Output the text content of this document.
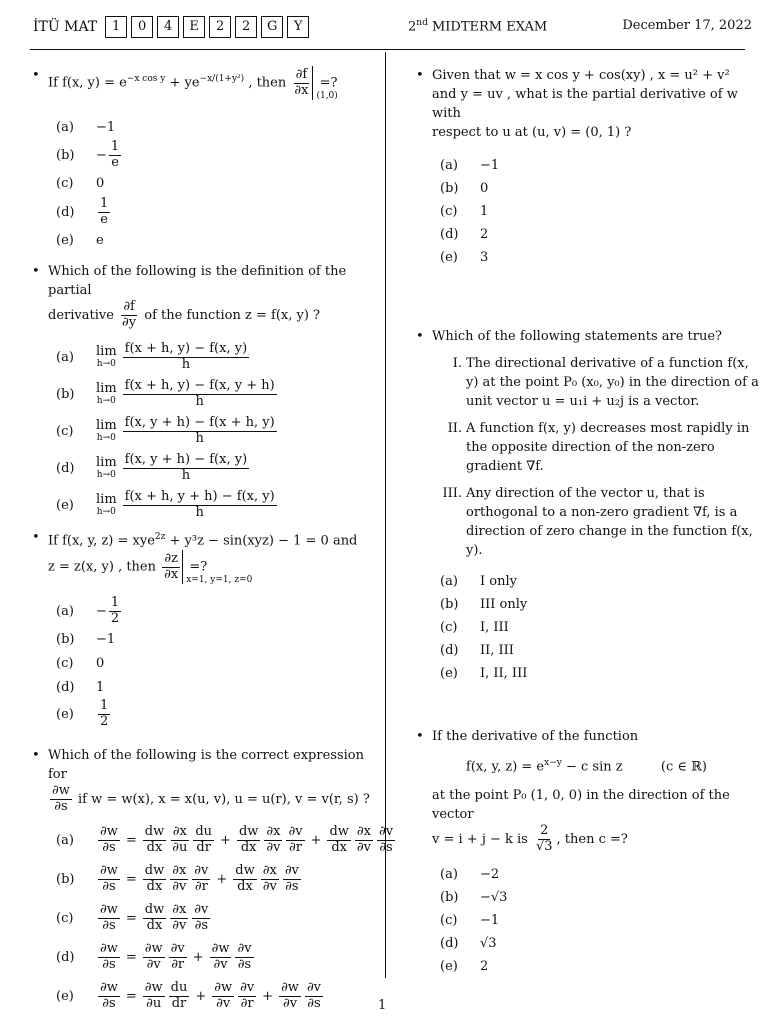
İTÜ MAT	1 0 4 E 2 2 G Y	2nd MIDTERM EXAM	December 17, 2022
• If f(x, $y) = e^{-x cos y} + ye^{-x/(1+y^2)}$ , then $\frac{\partial f}{\partial x} (1,0)$
=?
(a)	−1
(b)	− $\frac{1}{e}$
(c)	0
(d)	$\frac{1}{e}$
(e)	e
• Which of the following is the definition of the partial
derivative $\frac{\partial f}{\partial y}$ of the function z = f(x, y) ?
(a)	lim
$h\to 0 \frac{f(x + h, y) - f(x, y)}{h}$
(b)	lim
$h\to 0 \frac{f(x + h, y) - f(x, y + h)}{h}$
(c)	lim
$h\to 0 \frac{f(x, y + h) - f(x + h, y)}{h}$
(d)	lim
$h\to 0 \frac{f(x, y + h) - f(x, y)}{h}$
(e)	lim
$h\to 0 \frac{f(x + h, y + h) - f(x, y)}{h}$
• If f(x, y, z) = xye$^{2z}$ + y³z − sin(xyz) − 1 = 0 and
z = z(x, y) , then $\frac{\partial z}{\partial x} x=1$, y=1, z=0
=?
(a)	− $\frac{1}{2}$
(b)	−1
(c)	0
(d)	1
(e)	$\frac{1}{2}$
• Which of the following is the correct expression for

$\frac{\partial w}{\partial s}$ if w = w(x), x = x(u, v), u = u(r), v = v(r, s) ?
(a)	$\frac{\partial w}{\partial s} = \frac{dw}{dx} \frac{\partial x}{\partial u} \frac{du}{dr} + \frac{dw}{dx} \frac{\partial x}{\partial v} \frac{\partial v}{\partial r} + \frac{dw}{dx} \frac{\partial x}{\partial v} \frac{\partial v}{\partial s}$
(b)	$\frac{\partial w}{\partial s} = \frac{dw}{dx} \frac{\partial x}{\partial v} \frac{\partial v}{\partial r} + \frac{dw}{dx} \frac{\partial x}{\partial v} \frac{\partial v}{\partial s}$
(c)	$\frac{\partial w}{\partial s} = \frac{dw}{dx} \frac{\partial x}{\partial v} \frac{\partial v}{\partial s}$
(d)	$\frac{\partial w}{\partial s} = \frac{\partial w}{\partial v} \frac{\partial v}{\partial r} + \frac{\partial w}{\partial v} \frac{\partial v}{\partial s}$
(e)	$\frac{\partial w}{\partial s} = \frac{\partial w}{\partial u} \frac{du}{dr} + \frac{\partial w}{\partial v} \frac{\partial v}{\partial r} + \frac{\partial w}{\partial v} \frac{\partial v}{\partial s}$
• Given that w = x cos y + cos(xy) , x = u² + v²
and y = uv , what is the partial derivative of w with
respect to u at (u, v) = (0, 1) ?
(a)	−1
(b)	0
(c)	1
(d)	2
(e)	3
• Which of the following statements are true?
I. The directional derivative of a function f(x, y) at the point P₀ (x₀, y₀) in the direction of a unit vector u = u₁i + u₂j is a vector.
II. A function f(x, y) decreases most rapidly in the opposite direction of the non-zero gradient ∇f.
III. Any direction of the vector u, that is orthogonal to a non-zero gradient ∇f, is a direction of zero change in the function f(x, y).
(a)	I only
(b)	III only
(c)	I, III
(d)	II, III
(e)	I, II, III
• If the derivative of the function
f(x, y, $z) = e^{x-y} - c$ sin z	(c ∈ ℝ)
at the point P₀ (1, 0, 0) in the direction of the vector
v = i + j − k is $\frac{2}{√3}$ , then c =?
(a)	−2
(b)	−√3
(c)	−1
(d)	√3
(e)	2
1
